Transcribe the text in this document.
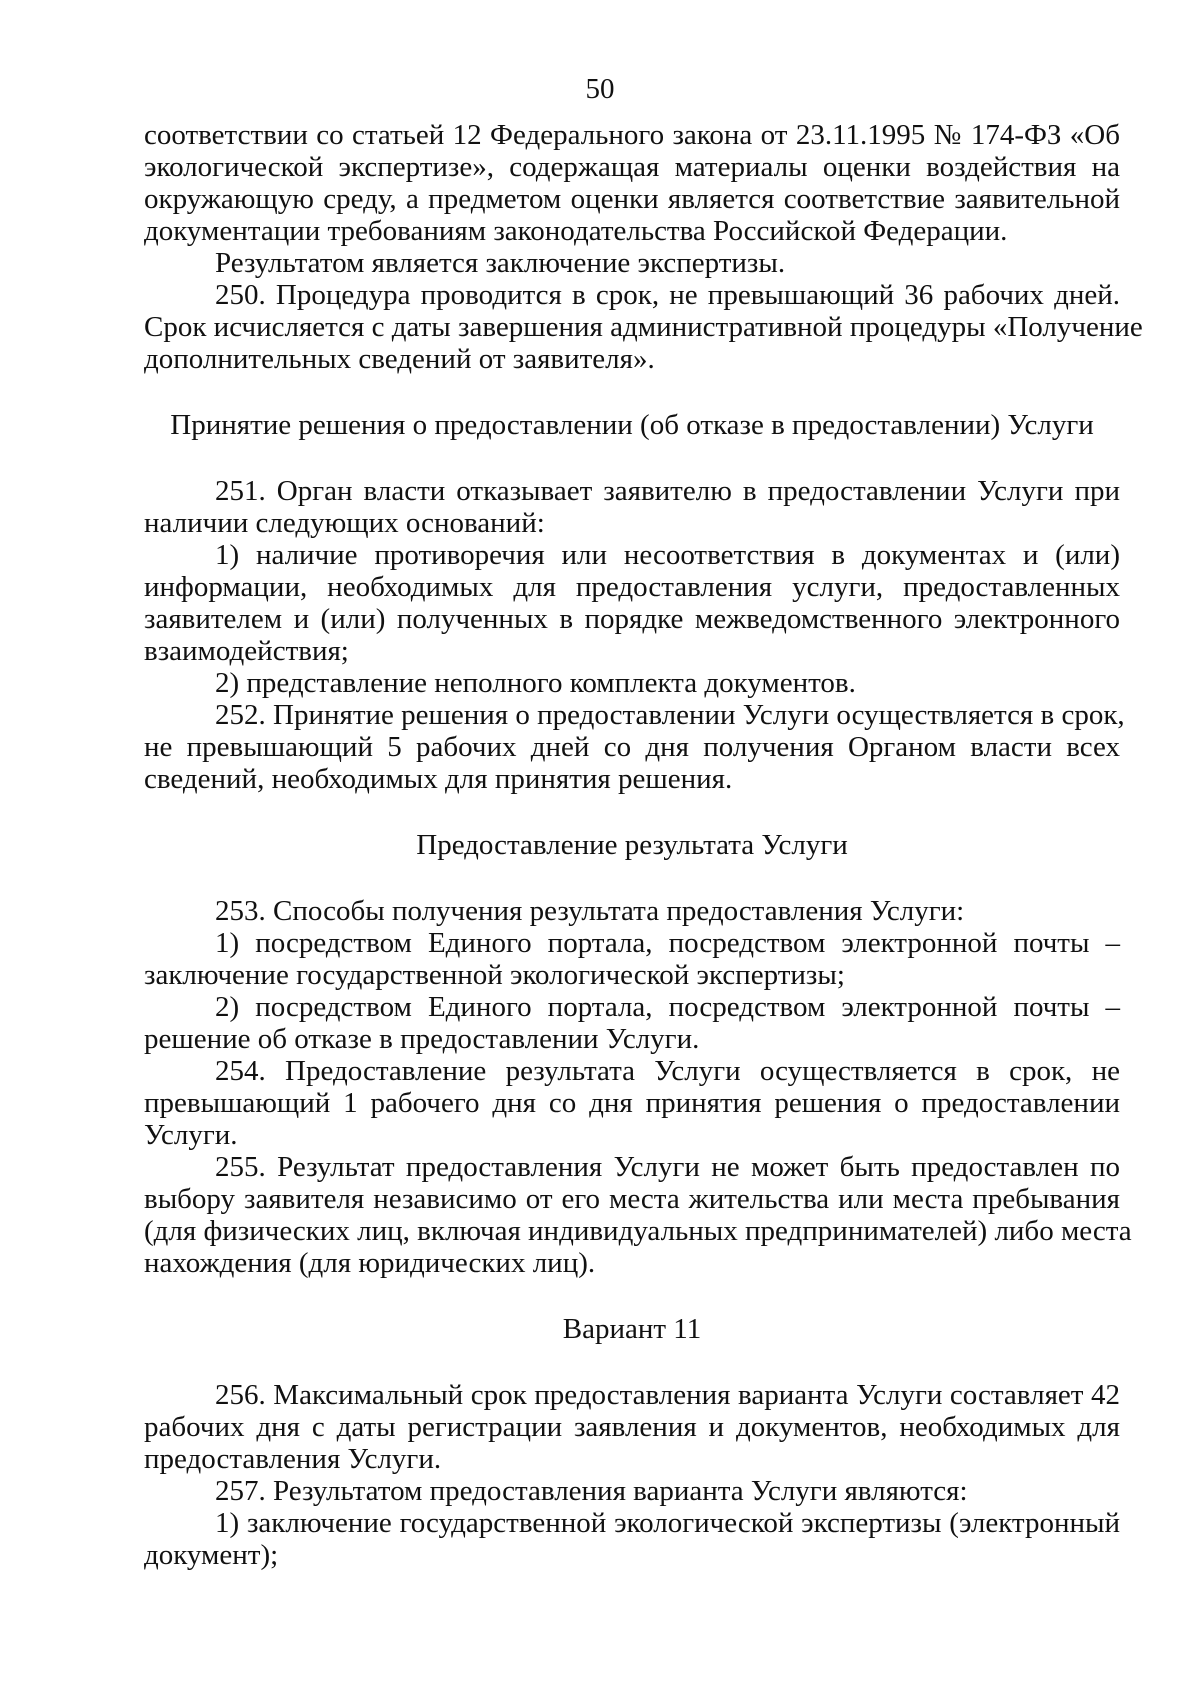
50
соответствии со статьей 12 Федерального закона от 23.11.1995 № 174-ФЗ «Об
экологической экспертизе», содержащая материалы оценки воздействия на
окружающую среду, а предметом оценки является соответствие заявительной
документации требованиям законодательства Российской Федерации.
Результатом является заключение экспертизы.
250. Процедура проводится в срок, не превышающий 36 рабочих дней.
Срок исчисляется с даты завершения административной процедуры «Получение
дополнительных сведений от заявителя».
Принятие решения о предоставлении (об отказе в предоставлении) Услуги
251. Орган власти отказывает заявителю в предоставлении Услуги при
наличии следующих оснований:
1) наличие противоречия или несоответствия в документах и (или)
информации, необходимых для предоставления услуги, предоставленных
заявителем и (или) полученных в порядке межведомственного электронного
взаимодействия;
2) представление неполного комплекта документов.
252. Принятие решения о предоставлении Услуги осуществляется в срок,
не превышающий 5 рабочих дней со дня получения Органом власти всех
сведений, необходимых для принятия решения.
Предоставление результата Услуги
253. Способы получения результата предоставления Услуги:
1) посредством Единого портала, посредством электронной почты –
заключение государственной экологической экспертизы;
2) посредством Единого портала, посредством электронной почты –
решение об отказе в предоставлении Услуги.
254. Предоставление результата Услуги осуществляется в срок, не
превышающий 1 рабочего дня со дня принятия решения о предоставлении
Услуги.
255. Результат предоставления Услуги не может быть предоставлен по
выбору заявителя независимо от его места жительства или места пребывания
(для физических лиц, включая индивидуальных предпринимателей) либо места
нахождения (для юридических лиц).
Вариант 11
256. Максимальный срок предоставления варианта Услуги составляет 42
рабочих дня с даты регистрации заявления и документов, необходимых для
предоставления Услуги.
257. Результатом предоставления варианта Услуги являются:
1) заключение государственной экологической экспертизы (электронный
документ);
